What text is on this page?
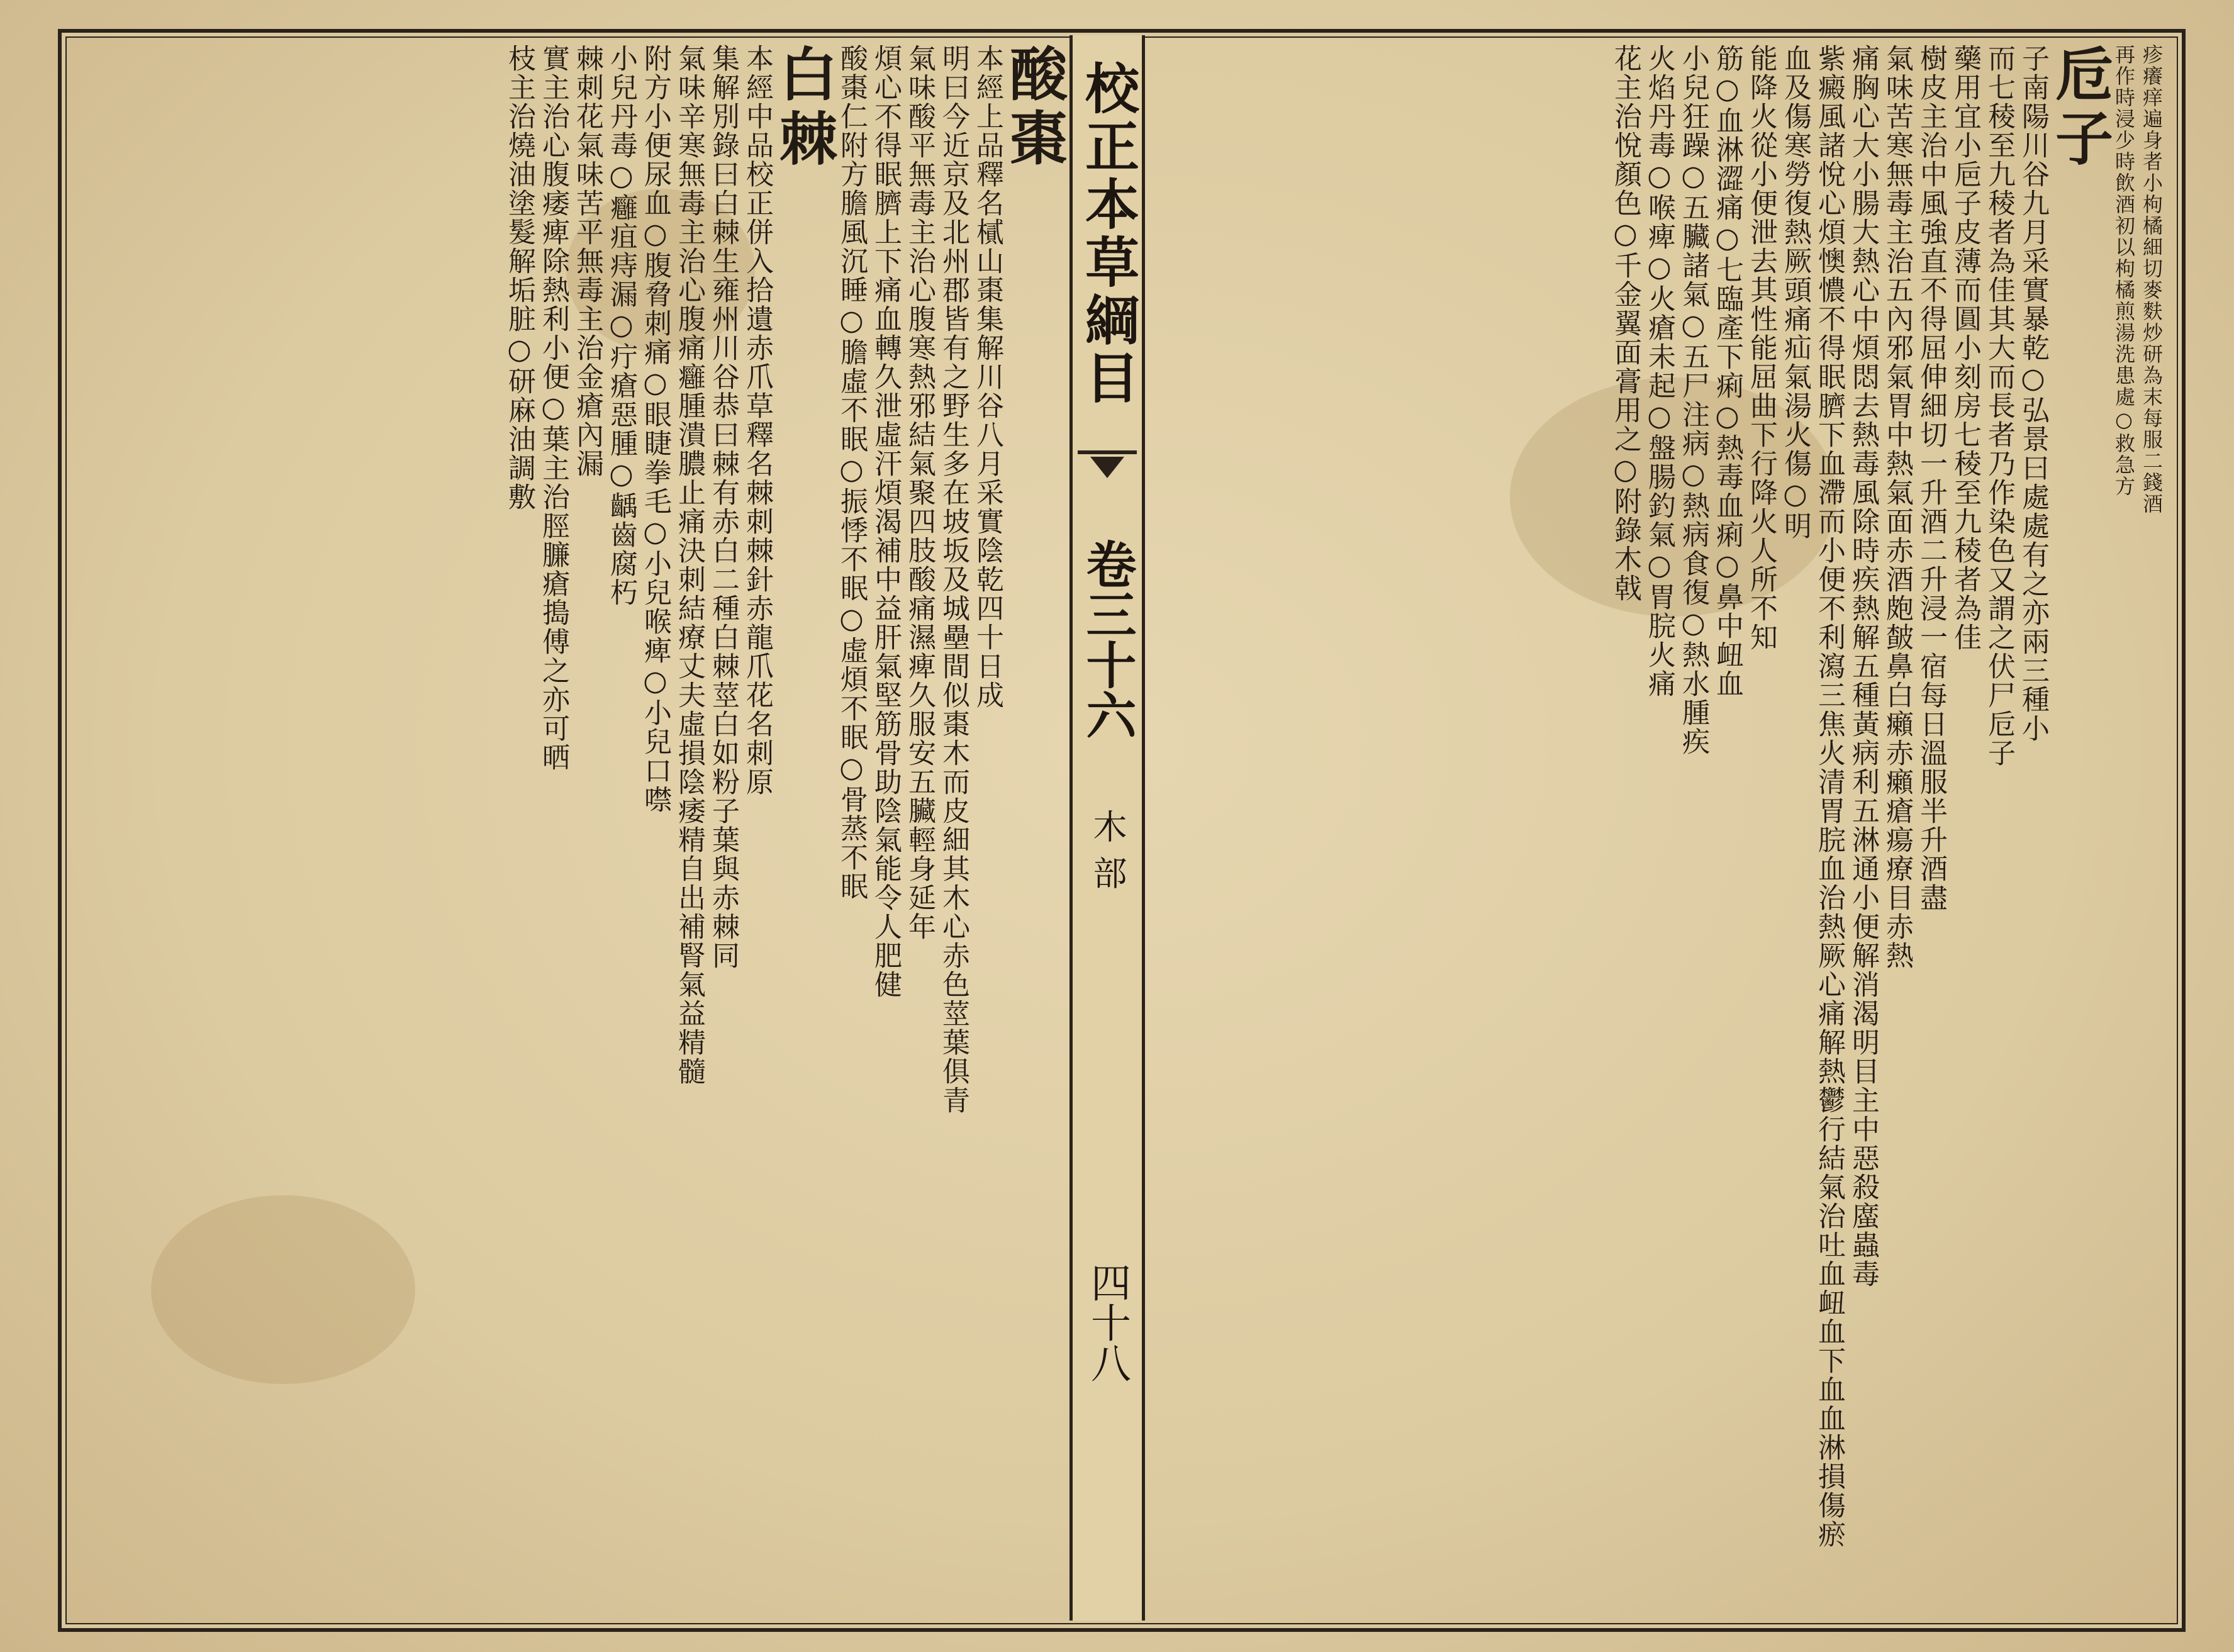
疹癢痒遍身者小枸橘細切麥麩炒研為末每服二錢酒
再作時浸少時飲酒初以枸橘煎湯洗患處○救急方
卮子
子南陽川谷九月采實暴乾○弘景曰處處有之亦兩三種小
而七稜至九稜者為佳其大而長者乃作染色又謂之伏尸卮子
藥用宜小巵子皮薄而圓小刻房七稜至九稜者為佳
樹皮主治中風強直不得屈伸細切一升酒二升浸一宿每日溫服半升酒盡
氣味苦寒無毒主治五內邪氣胃中熱氣面赤酒皰皶鼻白癩赤癩瘡瘍療目赤熱
痛胸心大小腸大熱心中煩悶去熱毒風除時疾熱解五種黃病利五淋通小便解消渴明目主中惡殺䗪蟲毒
紫癜風諸悅心煩懊憹不得眠臍下血滯而小便不利瀉三焦火清胃脘血治熱厥心痛解熱鬱行結氣治吐血衄血下血血淋損傷瘀
血及傷寒勞復熱厥頭痛疝氣湯火傷○明
能降火從小便泄去其性能屈曲下行降火人所不知
筋○血淋澀痛○七臨產下痢○熱毒血痢○鼻中衄血
小兒狂躁○五臟諸氣○五尸注病○熱病食復○熱水腫疾
火焰丹毒○喉痺○火瘡未起○盤腸釣氣○胃脘火痛
花主治悅顏色○千金翼面膏用之○附錄木戟
校正本草綱目
卷三十六
木部
四十八
酸棗
本經上品釋名樲山棗集解川谷八月采實陰乾四十日成
明曰今近京及北州郡皆有之野生多在坡坂及城壘間似棗木而皮細其木心赤色莖葉俱青
氣味酸平無毒主治心腹寒熱邪結氣聚四肢酸痛濕痺久服安五臟輕身延年
煩心不得眠臍上下痛血轉久泄虛汗煩渴補中益肝氣堅筋骨助陰氣能令人肥健
酸棗仁附方膽風沉睡○膽虛不眠○振悸不眠○虛煩不眠○骨蒸不眠
白棘
本經中品校正併入拾遺赤爪草釋名棘刺棘針赤龍爪花名刺原
集解別錄曰白棘生雍州川谷恭曰棘有赤白二種白棘莖白如粉子葉與赤棘同
氣味辛寒無毒主治心腹痛癰腫潰膿止痛決刺結療丈夫虛損陰痿精自出補腎氣益精髓
附方小便尿血○腹脅刺痛○眼睫拳毛○小兒喉痺○小兒口噤
小兒丹毒○癰疽痔漏○疔瘡惡腫○齲齒腐朽
棘刺花氣味苦平無毒主治金瘡內漏
實主治心腹痿痺除熱利小便○葉主治脛臁瘡搗傅之亦可晒
枝主治燒油塗髮解垢脏○研麻油調敷
